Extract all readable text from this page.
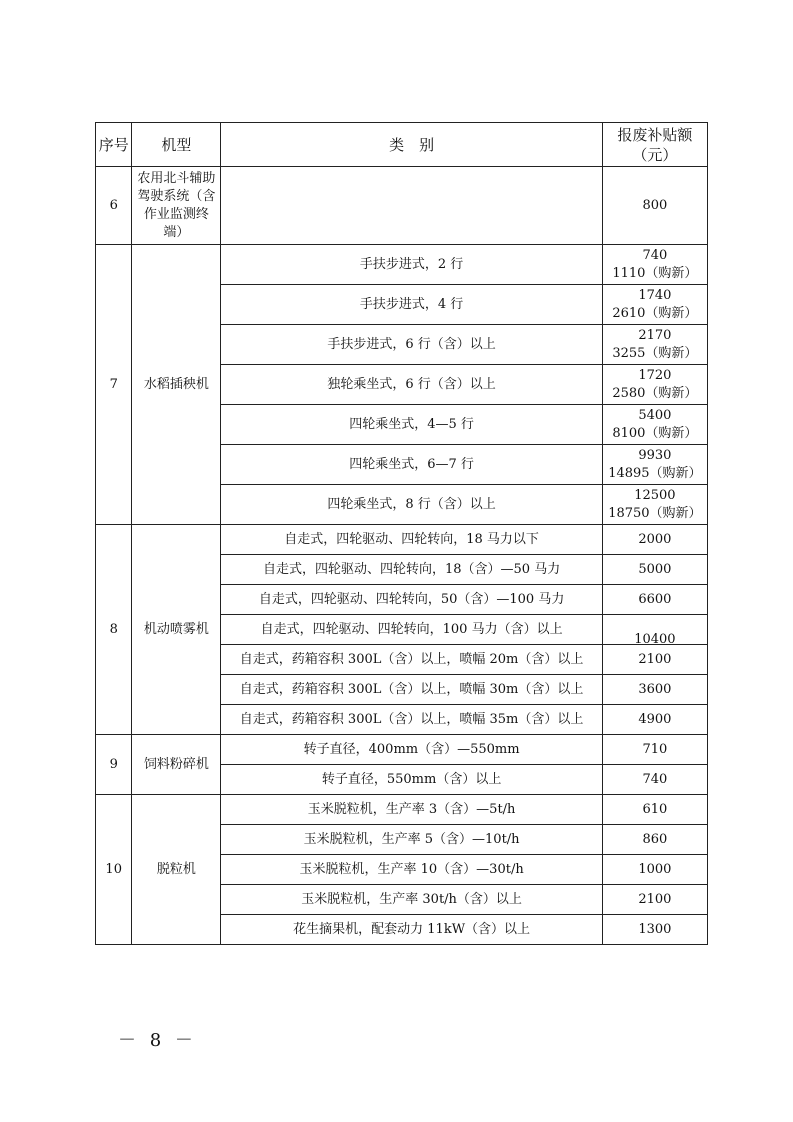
序号	机型	类　别	报废补贴额
（元）

6	农用北斗辅助驾驶系统（含作业监测终端）		800

7	水稻插秧机	手扶步进式，2 行	740
1110（购新）

		手扶步进式，4 行	1740
2610（购新）

		手扶步进式，6 行（含）以上	2170
3255（购新）

		独轮乘坐式，6 行（含）以上	1720
2580（购新）

		四轮乘坐式，4—5 行	5400
8100（购新）

		四轮乘坐式，6—7 行	9930
14895（购新）

		四轮乘坐式，8 行（含）以上	12500
18750（购新）

8	机动喷雾机	自走式，四轮驱动、四轮转向，18 马力以下	2000

		自走式，四轮驱动、四轮转向，18（含）—50 马力	5000

		自走式，四轮驱动、四轮转向，50（含）—100 马力	6600

		自走式，四轮驱动、四轮转向，100 马力（含）以上	10400

		自走式，药箱容积 300L（含）以上，喷幅 20m（含）以上	2100

		自走式，药箱容积 300L（含）以上，喷幅 30m（含）以上	3600

		自走式，药箱容积 300L（含）以上，喷幅 35m（含）以上	4900

9	饲料粉碎机	转子直径，400mm（含）—550mm	710

		转子直径，550mm（含）以上	740

10	脱粒机	玉米脱粒机，生产率 3（含）—5t/h	610

		玉米脱粒机，生产率 5（含）—10t/h	860

		玉米脱粒机，生产率 10（含）—30t/h	1000

		玉米脱粒机，生产率 30t/h（含）以上	2100

		花生摘果机，配套动力 11kW（含）以上	1300
－ 8 －
